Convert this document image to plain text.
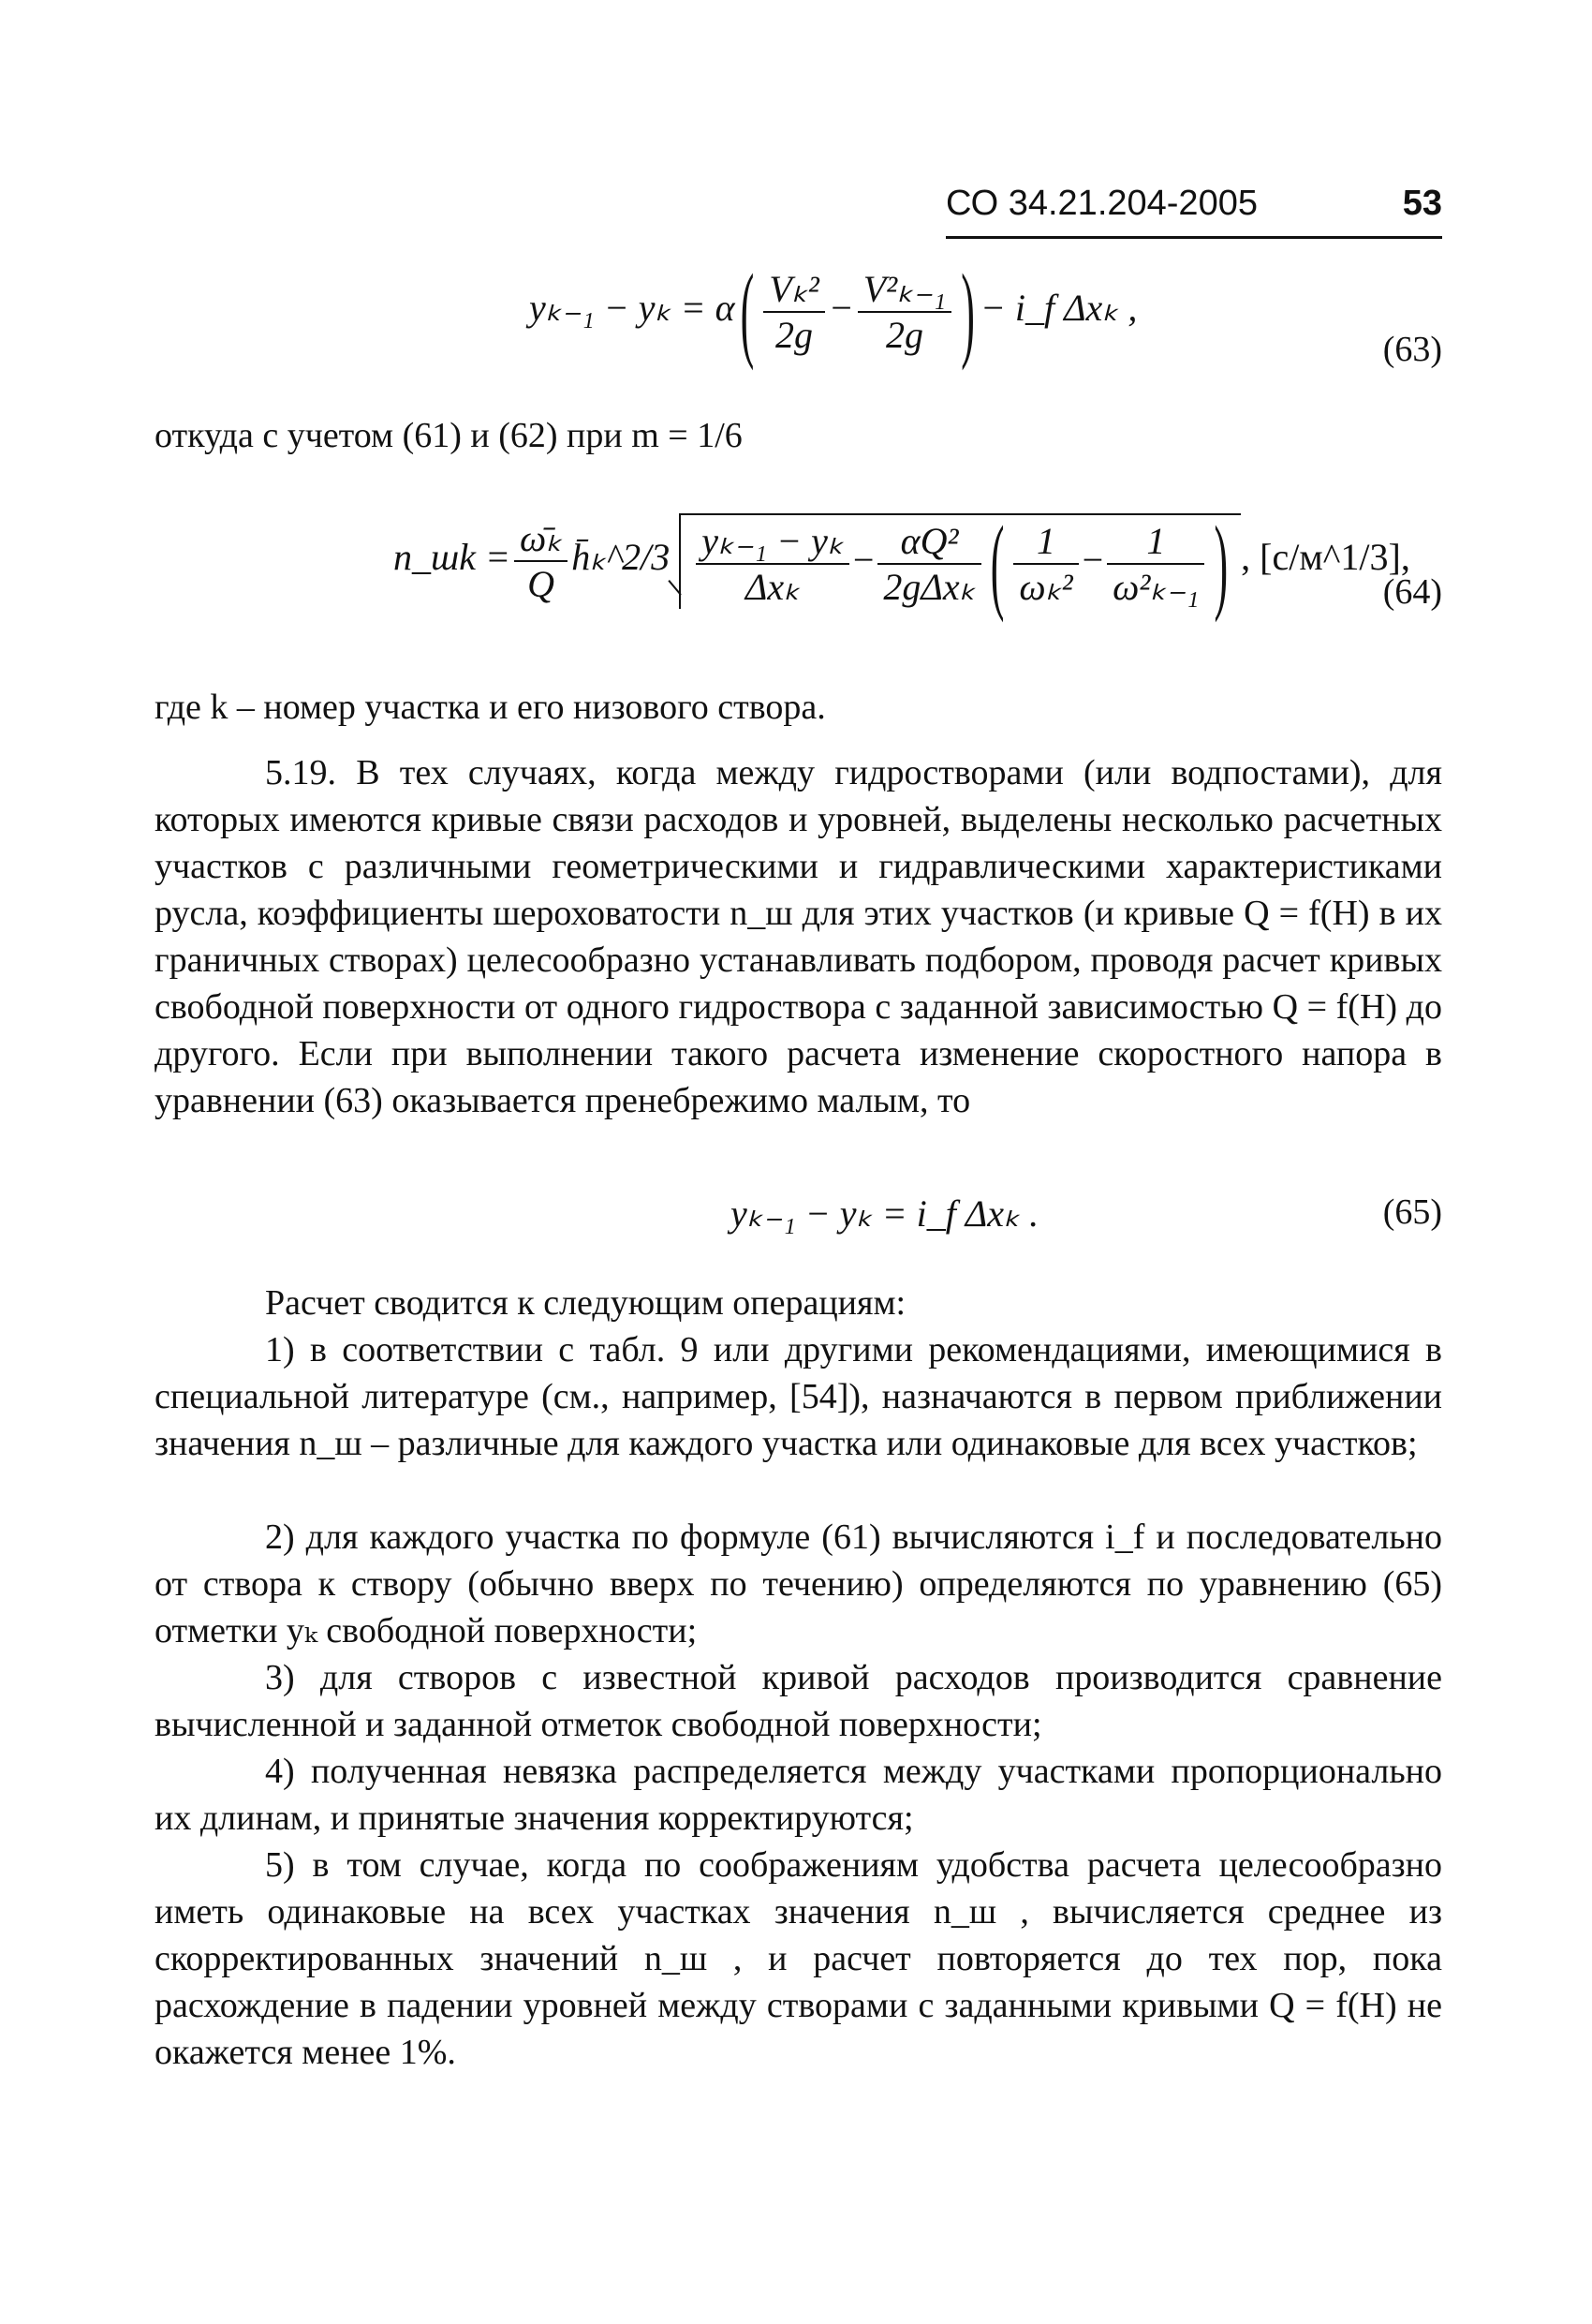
СО 34.21.204-2005	53
yₖ₋₁ − yₖ = α ( $\frac{\text{Vₖ²}}{2g} - \frac{\text{V²ₖ₋₁}}{2g}$ ) − i_f Δxₖ ,
(63)
откуда с учетом (61) и (62) при m = 1/6
n_шk = $\frac{\text{ω̄ₖ}}{Q}$ h̄ₖ^2/3 $\frac{\text{yₖ₋₁ − yₖ}}{\text{Δxₖ}} - \frac{\text{αQ²}}{\text{2gΔxₖ}}$ ( $\frac{1}{\text{ωₖ²}} - \frac{1}{\text{ω²ₖ₋₁}}$ ) , [с/м^1/3],
(64)
где k – номер участка и его низового створа.
5.19. В тех случаях, когда между гидростворами (или водпостами), для которых имеются кривые связи расходов и уровней, выделены несколько расчетных участков с различными геометрическими и гидравлическими характеристиками русла, коэффициенты шероховатости n_ш для этих участков (и кривые Q = f(H) в их граничных створах) целесообразно устанавливать подбором, проводя расчет кривых свободной поверхности от одного гидроствора с заданной зависимостью Q = f(H) до другого. Если при выполнении такого расчета изменение скоростного напора в уравнении (63) оказывается пренебрежимо малым, то
yₖ₋₁ − yₖ = i_f Δxₖ .	(65)
Расчет сводится к следующим операциям:
1) в соответствии с табл. 9 или другими рекомендациями, имеющимися в специальной литературе (см., например, [54]), назначаются в первом приближении значения n_ш – различные для каждого участка или одинаковые для всех участков;
2) для каждого участка по формуле (61) вычисляются i_f и последовательно от створа к створу (обычно вверх по течению) определяются по уравнению (65) отметки yₖ свободной поверхности;
3) для створов с известной кривой расходов производится сравнение вычисленной и заданной отметок свободной поверхности;
4) полученная невязка распределяется между участками пропорционально их длинам, и принятые значения корректируются;
5) в том случае, когда по соображениям удобства расчета целесообразно иметь одинаковые на всех участках значения n_ш , вычисляется среднее из скорректированных значений n_ш , и расчет повторяется до тех пор, пока расхождение в падении уровней между створами с заданными кривыми Q = f(H) не окажется менее 1%.
